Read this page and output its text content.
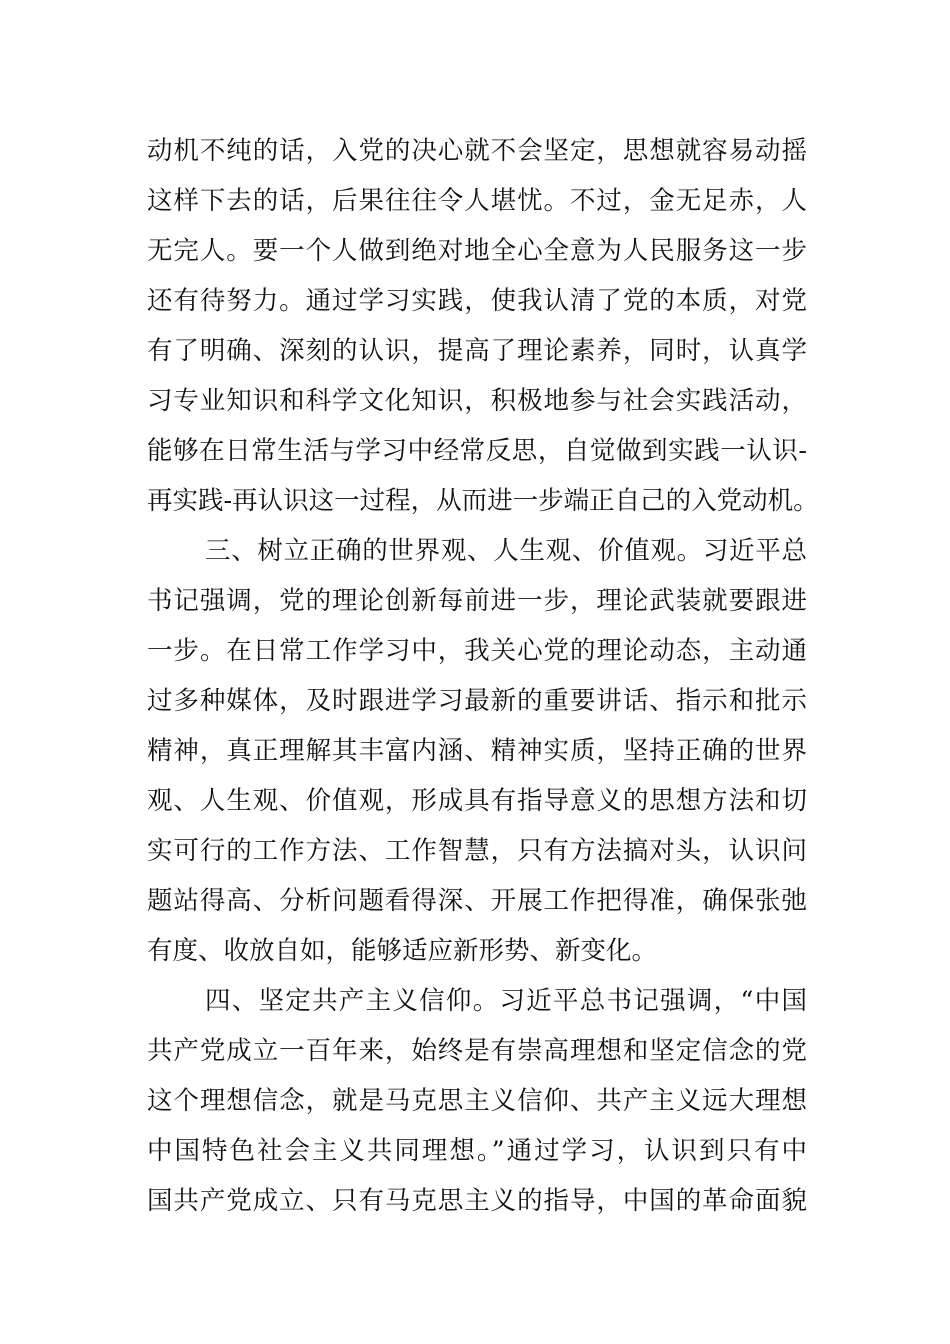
动机不纯的话，入党的决心就不会坚定，思想就容易动摇
这样下去的话，后果往往令人堪忧。不过，金无足赤，人
无完人。要一个人做到绝对地全心全意为人民服务这一步
还有待努力。通过学习实践，使我认清了党的本质，对党
有了明确、深刻的认识，提高了理论素养，同时，认真学
习专业知识和科学文化知识，积极地参与社会实践活动，
能够在日常生活与学习中经常反思，自觉做到实践一认识-
再实践-再认识这一过程，从而进一步端正自己的入党动机。
三、树立正确的世界观、人生观、价值观。习近平总
书记强调，党的理论创新每前进一步，理论武装就要跟进
一步。在日常工作学习中，我关心党的理论动态，主动通
过多种媒体，及时跟进学习最新的重要讲话、指示和批示
精神，真正理解其丰富内涵、精神实质，坚持正确的世界
观、人生观、价值观，形成具有指导意义的思想方法和切
实可行的工作方法、工作智慧，只有方法搞对头，认识问
题站得高、分析问题看得深、开展工作把得准，确保张弛
有度、收放自如，能够适应新形势、新变化。
四、坚定共产主义信仰。习近平总书记强调，“中国
共产党成立一百年来，始终是有崇高理想和坚定信念的党
这个理想信念，就是马克思主义信仰、共产主义远大理想
中国特色社会主义共同理想。”通过学习，认识到只有中
国共产党成立、只有马克思主义的指导，中国的革命面貌
